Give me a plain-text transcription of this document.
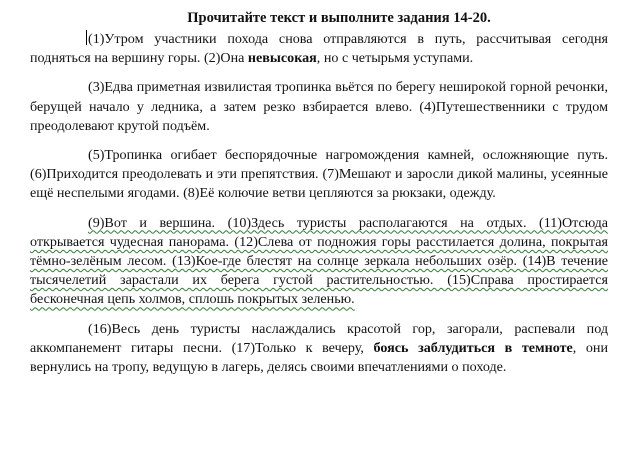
Прочитайте текст и выполните задания 14-20.

(1)Утром участники похода снова отправляются в путь, рассчитывая сегодня подняться на вершину горы. (2)Она невысокая, но с четырьмя уступами.

(3)Едва приметная извилистая тропинка вьётся по берегу неширокой горной речонки, берущей начало у ледника, а затем резко взбирается влево. (4)Путешественники с трудом преодолевают крутой подъём.

(5)Тропинка огибает беспорядочные нагромождения камней, осложняющие путь. (6)Приходится преодолевать и эти препятствия. (7)Мешают и заросли дикой малины, усеянные ещё неспелыми ягодами. (8)Её колючие ветви цепляются за рюкзаки, одежду.

(9)Вот и вершина. (10)Здесь туристы располагаются на отдых. (11)Отсюда открывается чудесная панорама. (12)Слева от подножия горы расстилается долина, покрытая тёмно-зелёным лесом. (13)Кое-где блестят на солнце зеркала небольших озёр. (14)В течение тысячелетий зарастали их берега густой растительностью. (15)Справа простирается бесконечная цепь холмов, сплошь покрытых зеленью.

(16)Весь день туристы наслаждались красотой гор, загорали, распевали под аккомпанемент гитары песни. (17)Только к вечеру, боясь заблудиться в темноте, они вернулись на тропу, ведущую в лагерь, делясь своими впечатлениями о походе.
